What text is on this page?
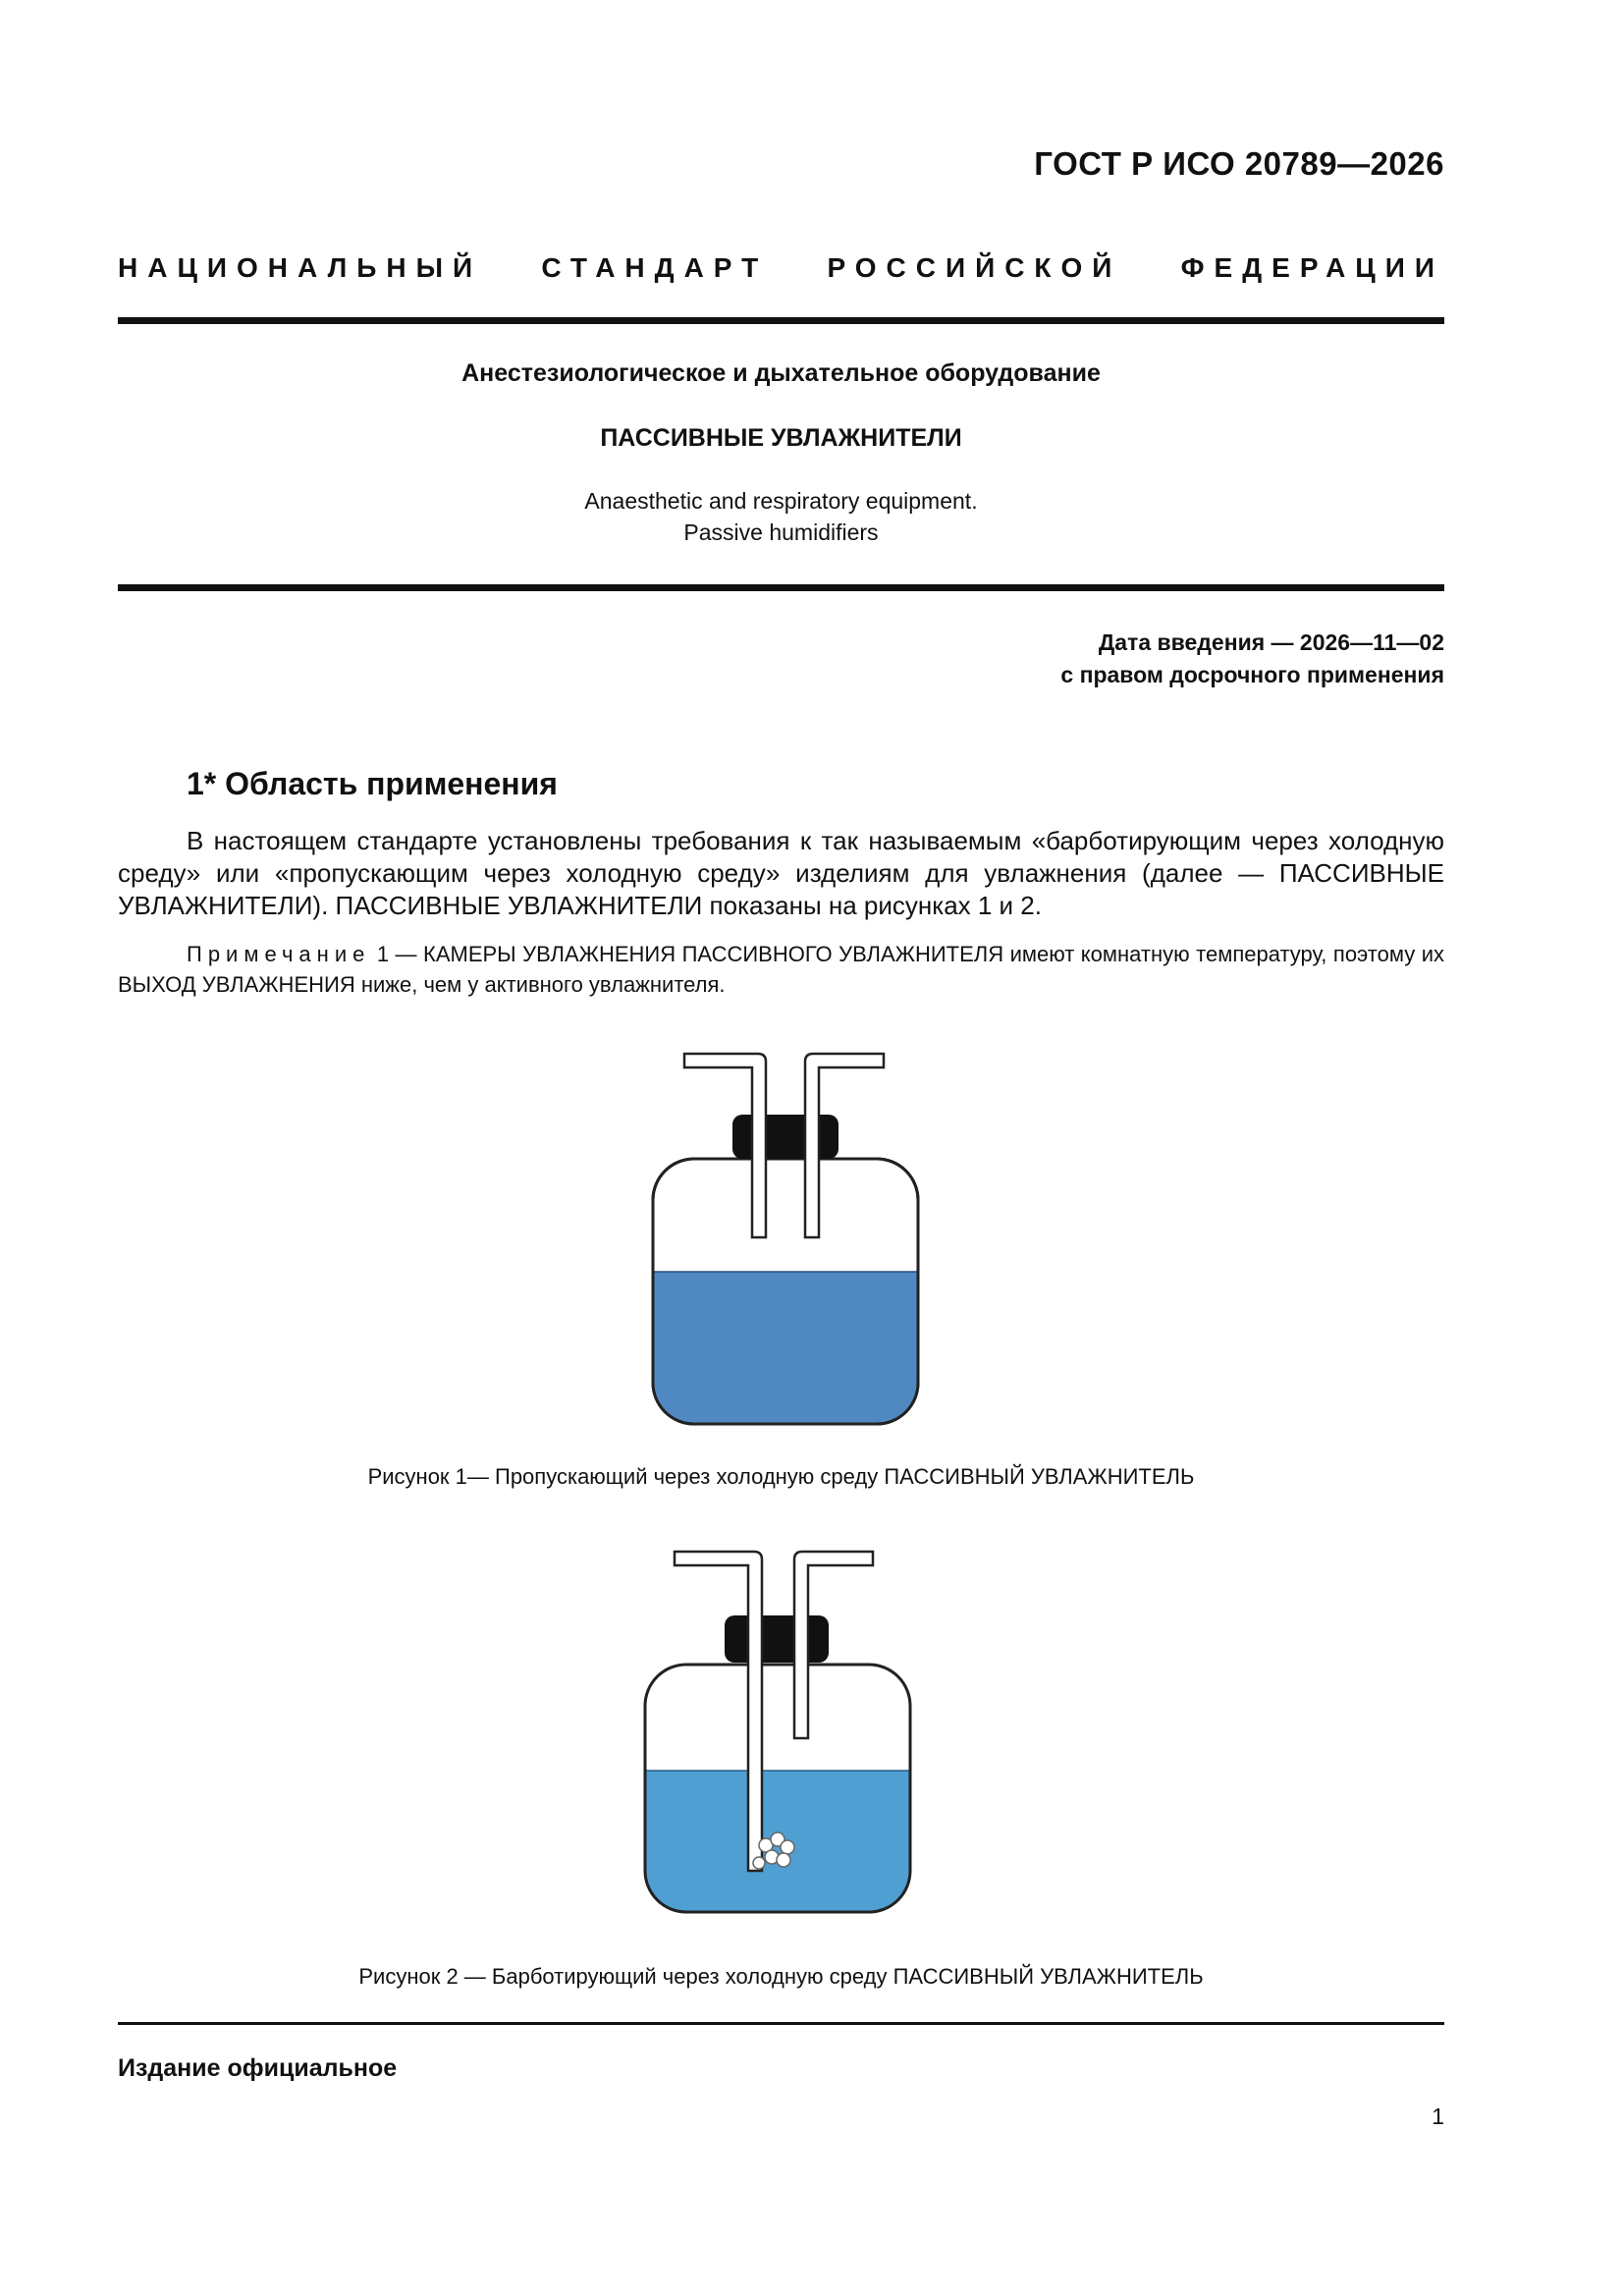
ГОСТ Р ИСО 20789—2026
НАЦИОНАЛЬНЫЙ СТАНДАРТ РОССИЙСКОЙ ФЕДЕРАЦИИ
Анестезиологическое и дыхательное оборудование
ПАССИВНЫЕ УВЛАЖНИТЕЛИ
Anaesthetic and respiratory equipment.
Passive humidifiers
Дата введения — 2026—11—02
с правом досрочного применения
1* Область применения

В настоящем стандарте установлены требования к так называемым «барботирующим через холодную среду» или «пропускающим через холодную среду» изделиям для увлажнения (далее — ПАССИВНЫЕ УВЛАЖНИТЕЛИ). ПАССИВНЫЕ УВЛАЖНИТЕЛИ показаны на рисунках 1 и 2.

Примечание 1 — КАМЕРЫ УВЛАЖНЕНИЯ ПАССИВНОГО УВЛАЖНИТЕЛЯ имеют комнатную температуру, поэтому их ВЫХОД УВЛАЖНЕНИЯ ниже, чем у активного увлажнителя.

Рисунок 1— Пропускающий через холодную среду ПАССИВНЫЙ УВЛАЖНИТЕЛЬ
Рисунок 2 — Барботирующий через холодную среду ПАССИВНЫЙ УВЛАЖНИТЕЛЬ
Издание официальное
1
